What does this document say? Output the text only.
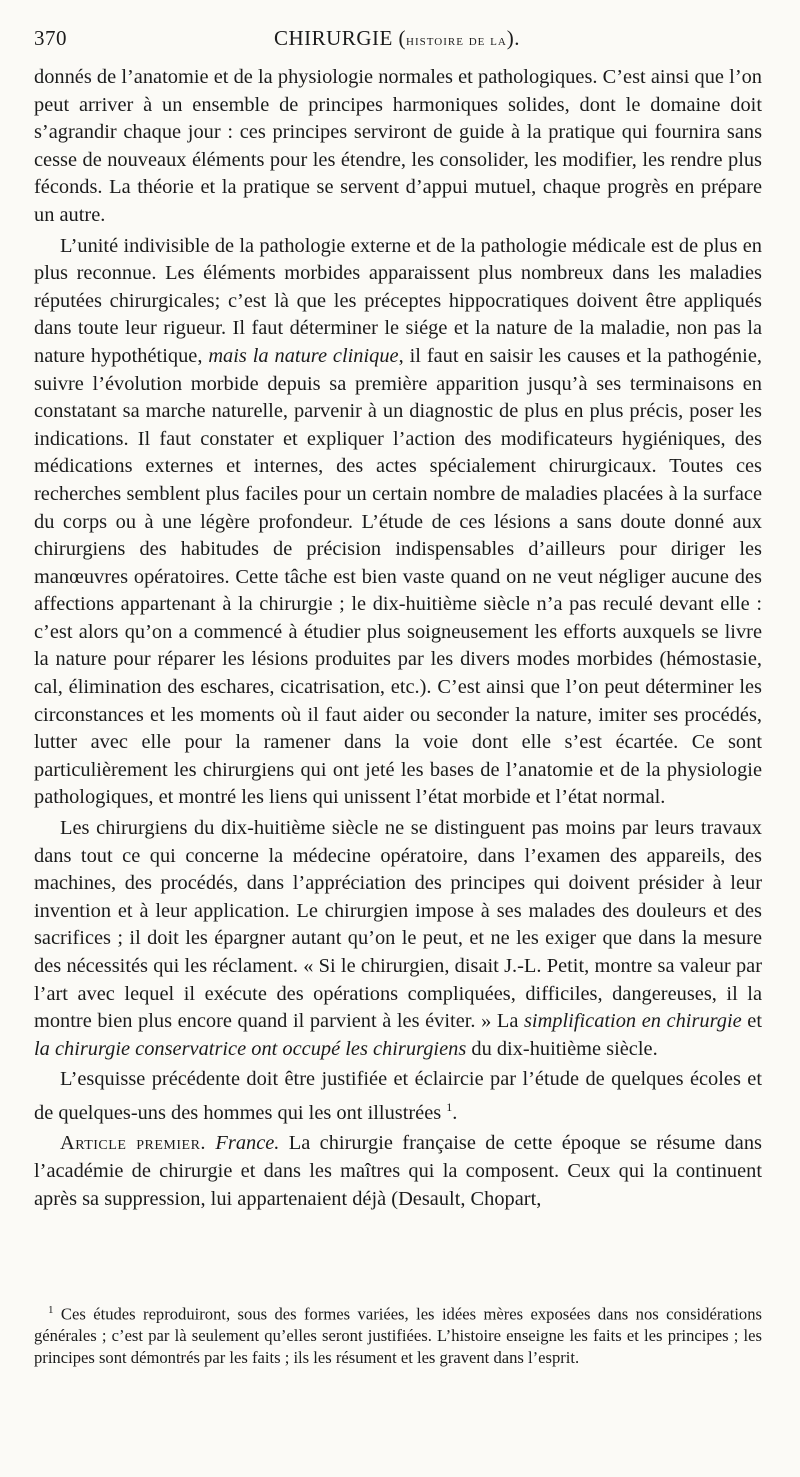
370	CHIRURGIE (histoire de la).

donnés de l’anatomie et de la physiologie normales et pathologiques. C’est ainsi que l’on peut arriver à un ensemble de principes harmoniques solides, dont le domaine doit s’agrandir chaque jour : ces principes serviront de guide à la pratique qui fournira sans cesse de nouveaux éléments pour les étendre, les consolider, les modifier, les rendre plus féconds. La théorie et la pratique se servent d’appui mutuel, chaque progrès en prépare un autre.

L’unité indivisible de la pathologie externe et de la pathologie médicale est de plus en plus reconnue. Les éléments morbides apparaissent plus nombreux dans les maladies réputées chirurgicales; c’est là que les préceptes hippocratiques doivent être appliqués dans toute leur rigueur. Il faut déterminer le siége et la nature de la maladie, non pas la nature hypothétique, mais la nature clinique, il faut en saisir les causes et la pathogénie, suivre l’évolution morbide depuis sa première apparition jusqu’à ses terminaisons en constatant sa marche naturelle, parvenir à un diagnostic de plus en plus précis, poser les indications. Il faut constater et expliquer l’action des modificateurs hygiéniques, des médications externes et internes, des actes spécialement chirurgicaux. Toutes ces recherches semblent plus faciles pour un certain nombre de maladies placées à la surface du corps ou à une légère profondeur. L’étude de ces lésions a sans doute donné aux chirurgiens des habitudes de précision indispensables d’ailleurs pour diriger les manœuvres opératoires. Cette tâche est bien vaste quand on ne veut négliger aucune des affections appartenant à la chirurgie ; le dix-huitième siècle n’a pas reculé devant elle : c’est alors qu’on a commencé à étudier plus soigneusement les efforts auxquels se livre la nature pour réparer les lésions produites par les divers modes morbides (hémostasie, cal, élimination des eschares, cicatrisation, etc.). C’est ainsi que l’on peut déterminer les circonstances et les moments où il faut aider ou seconder la nature, imiter ses procédés, lutter avec elle pour la ramener dans la voie dont elle s’est écartée. Ce sont particulièrement les chirurgiens qui ont jeté les bases de l’anatomie et de la physiologie pathologiques, et montré les liens qui unissent l’état morbide et l’état normal.

Les chirurgiens du dix-huitième siècle ne se distinguent pas moins par leurs travaux dans tout ce qui concerne la médecine opératoire, dans l’examen des appareils, des machines, des procédés, dans l’appréciation des principes qui doivent présider à leur invention et à leur application. Le chirurgien impose à ses malades des douleurs et des sacrifices ; il doit les épargner autant qu’on le peut, et ne les exiger que dans la mesure des nécessités qui les réclament. « Si le chirurgien, disait J.-L. Petit, montre sa valeur par l’art avec lequel il exécute des opérations compliquées, difficiles, dangereuses, il la montre bien plus encore quand il parvient à les éviter. » La simplification en chirurgie et la chirurgie conservatrice ont occupé les chirurgiens du dix-huitième siècle.

L’esquisse précédente doit être justifiée et éclaircie par l’étude de quelques écoles et de quelques-uns des hommes qui les ont illustrées $^1$.

Article premier. France. La chirurgie française de cette époque se résume dans l’académie de chirurgie et dans les maîtres qui la composent. Ceux qui la continuent après sa suppression, lui appartenaient déjà (Desault, Chopart,

$^1$ Ces études reproduiront, sous des formes variées, les idées mères exposées dans nos considérations générales ; c’est par là seulement qu’elles seront justifiées. L’histoire enseigne les faits et les principes ; les principes sont démontrés par les faits ; ils les résument et les gravent dans l’esprit.
